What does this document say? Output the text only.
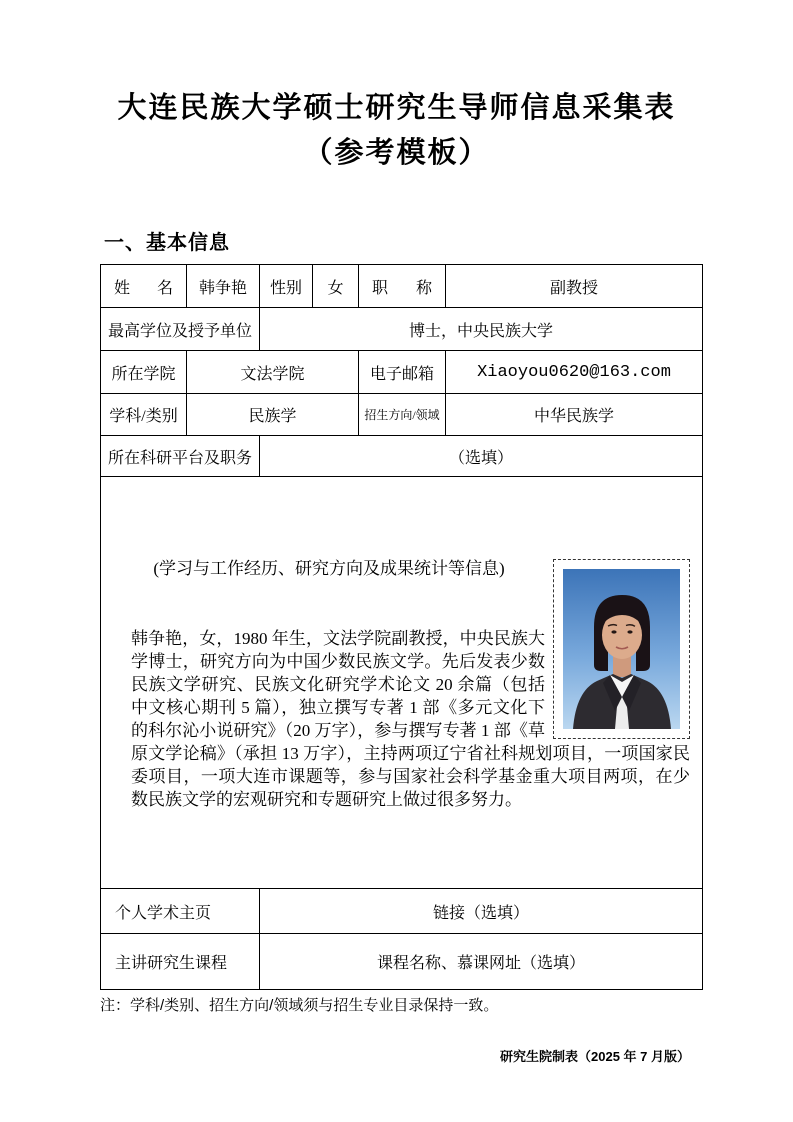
大连民族大学硕士研究生导师信息采集表
（参考模板）
一、基本信息
姓 名	韩争艳	性别	女	职 称	副教授
最高学位及授予单位		博士，中央民族大学			
所在学院	文法学院			电子邮箱	Xiaoyou0620@163.com
学科/类别	民族学			招生方向/领域	中华民族学
所在科研平台及职务		（选填）			

(学习与工作经历、研究方向及成果统计等信息)
韩争艳，女，1980 年生，文法学院副教授，中央民族大学博士，研究方向为中国少数民族文学。先后发表少数民族文学研究、民族文化研究学术论文 20 余篇（包括中文核心期刊 5 篇），独立撰写专著 1 部《多元文化下的科尔沁小说研究》（20 万字），参与撰写专著 1 部《草原文学论稿》（承担 13 万字），主持两项辽宁省社科规划项目，一项国家民委项目，一项大连市课题等，参与国家社会科学基金重大项目两项，在少数民族文学的宏观研究和专题研究上做过很多努力。					

个人学术主页		链接（选填）			
主讲研究生课程		课程名称、慕课网址（选填）			
注：学科/类别、招生方向/领域须与招生专业目录保持一致。
研究生院制表（2025 年 7 月版）
